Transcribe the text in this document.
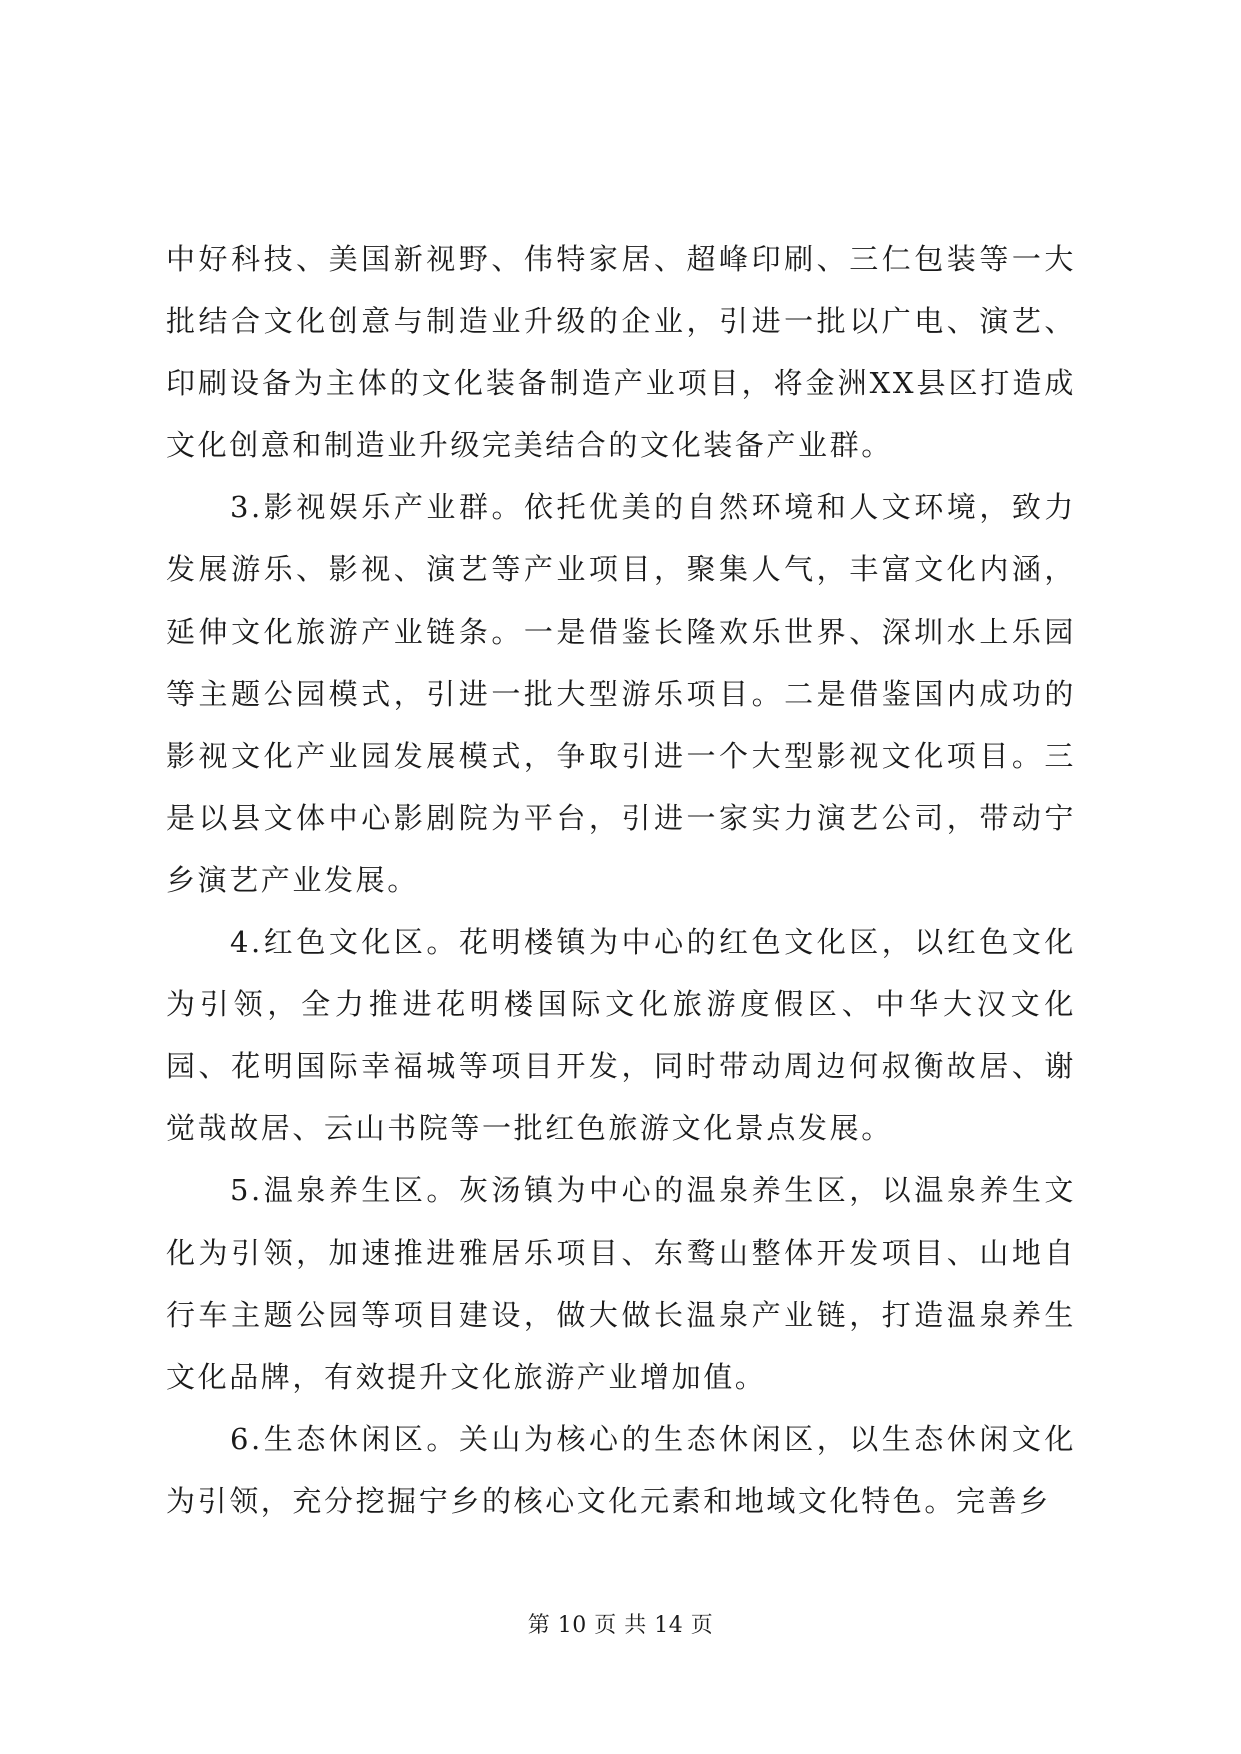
中好科技、美国新视野、伟特家居、超峰印刷、三仁包装等一大批结合文化创意与制造业升级的企业，引进一批以广电、演艺、印刷设备为主体的文化装备制造产业项目，将金洲XX县区打造成文化创意和制造业升级完美结合的文化装备产业群。

3.影视娱乐产业群。依托优美的自然环境和人文环境，致力发展游乐、影视、演艺等产业项目，聚集人气，丰富文化内涵，延伸文化旅游产业链条。一是借鉴长隆欢乐世界、深圳水上乐园等主题公园模式，引进一批大型游乐项目。二是借鉴国内成功的影视文化产业园发展模式，争取引进一个大型影视文化项目。三是以县文体中心影剧院为平台，引进一家实力演艺公司，带动宁乡演艺产业发展。

4.红色文化区。花明楼镇为中心的红色文化区，以红色文化为引领，全力推进花明楼国际文化旅游度假区、中华大汉文化园、花明国际幸福城等项目开发，同时带动周边何叔衡故居、谢觉哉故居、云山书院等一批红色旅游文化景点发展。

5.温泉养生区。灰汤镇为中心的温泉养生区，以温泉养生文化为引领，加速推进雅居乐项目、东鹜山整体开发项目、山地自行车主题公园等项目建设，做大做长温泉产业链，打造温泉养生文化品牌，有效提升文化旅游产业增加值。

6.生态休闲区。关山为核心的生态休闲区，以生态休闲文化为引领，充分挖掘宁乡的核心文化元素和地域文化特色。完善乡

第 10 页 共 14 页
